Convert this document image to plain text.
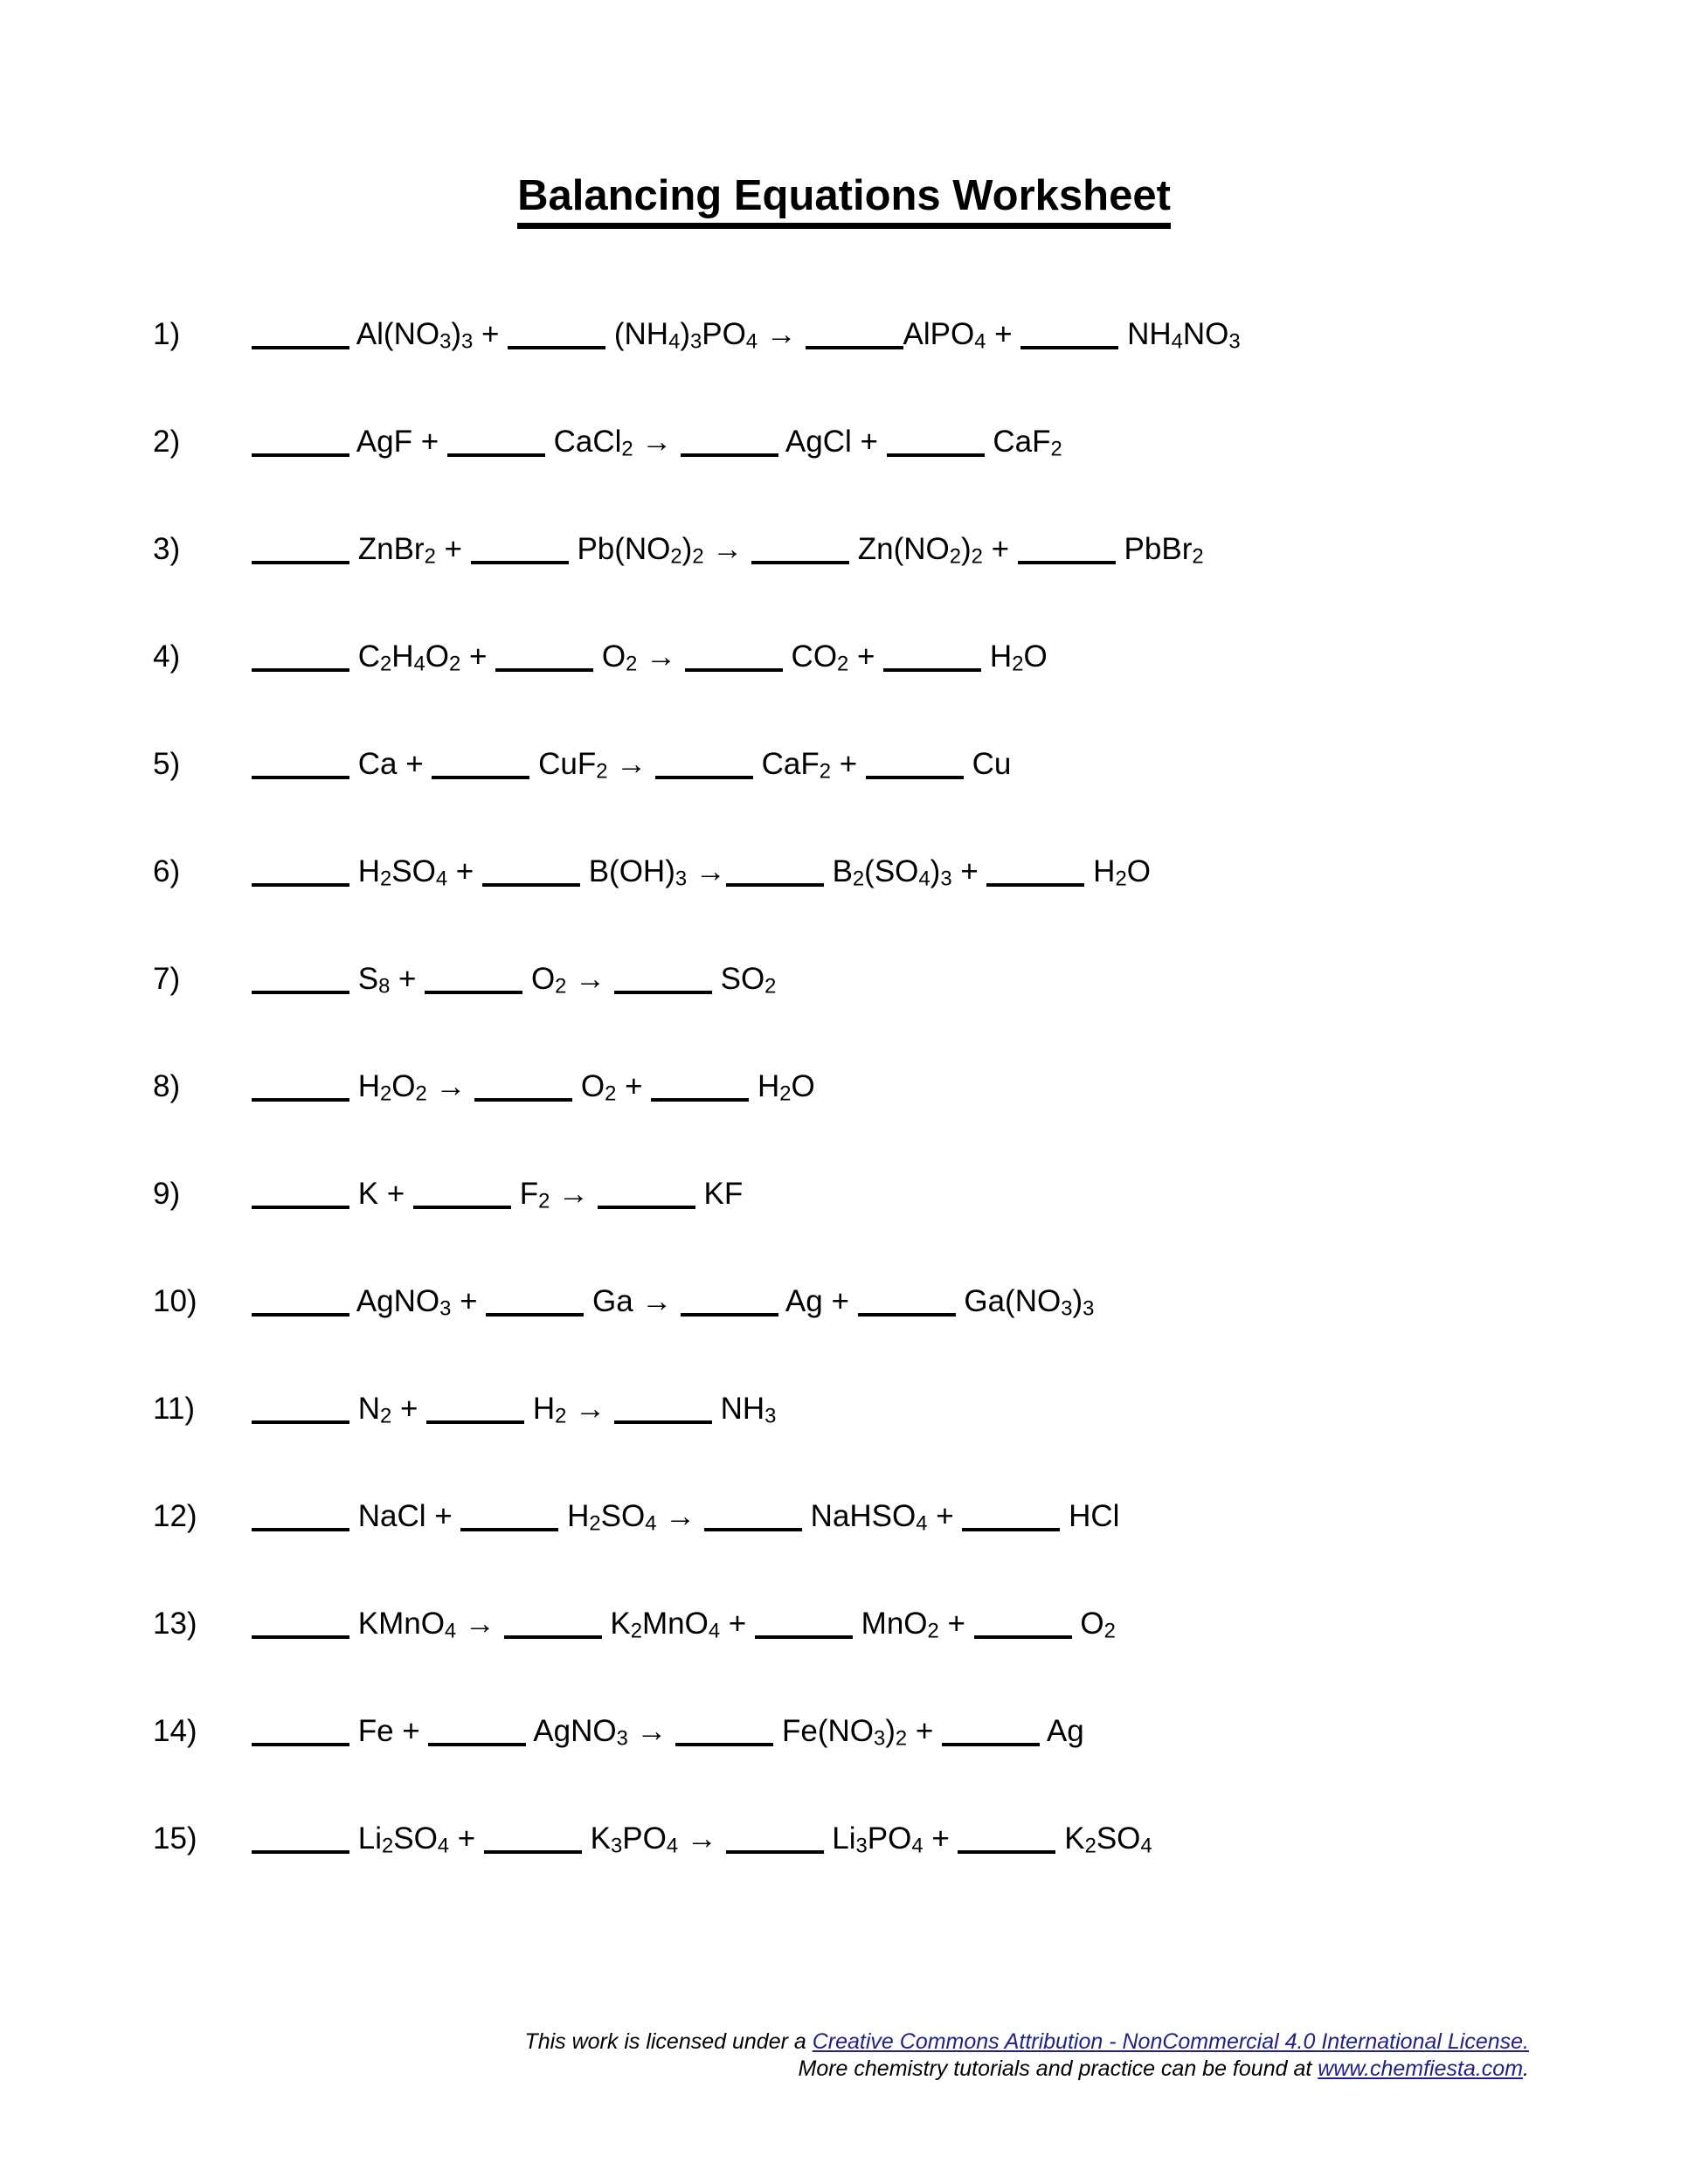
Balancing Equations Worksheet
1)	$Al(NO_3)_3$ +	$(NH_4)_3PO_4$ →	AlPO$_4$ +	$NH_4NO_3$
2)	AgF +	CaCl$_2$ →	AgCl +	CaF$_2$
3)	ZnBr$_2$ +	$Pb(NO_2)_2$ →	$Zn(NO_2)_2$ +	PbBr$_2$
4)	$C_2H_4O_2$ +	$O_2$ →	$CO_2$ +	$H_2O$
5)	Ca +	CuF$_2$ →	CaF$_2$ +	Cu
6)	$H_2SO_4$ +	$B(OH)_3$ →	$B_2(SO_4)_3$ +	$H_2O$
7)	$S_8$ +	$O_2$ →	$SO_2$
8)	$H_2O_2$ →	$O_2$ +	$H_2O$
9)	K +	$F_2$ →	KF
10)	AgNO$_3$ +	Ga →	Ag +	$Ga(NO_3)_3$
11)	$N_2$ +	$H_2$ →	$NH_3$
12)	NaCl +	$H_2SO_4$ →	NaHSO$_4$ +	HCl
13)	KMnO$_4$ →	$K_2MnO_4$ +	MnO$_2$ +	$O_2$
14)	Fe +	AgNO$_3$ →	$Fe(NO_3)_2$ +	Ag
15)	$Li_2SO_4$ +	$K_3PO_4$ →	$Li_3PO_4$ +	$K_2SO_4$
This work is licensed under a Creative Commons Attribution - NonCommercial 4.0 International License.
More chemistry tutorials and practice can be found at www.chemfiesta.com.
